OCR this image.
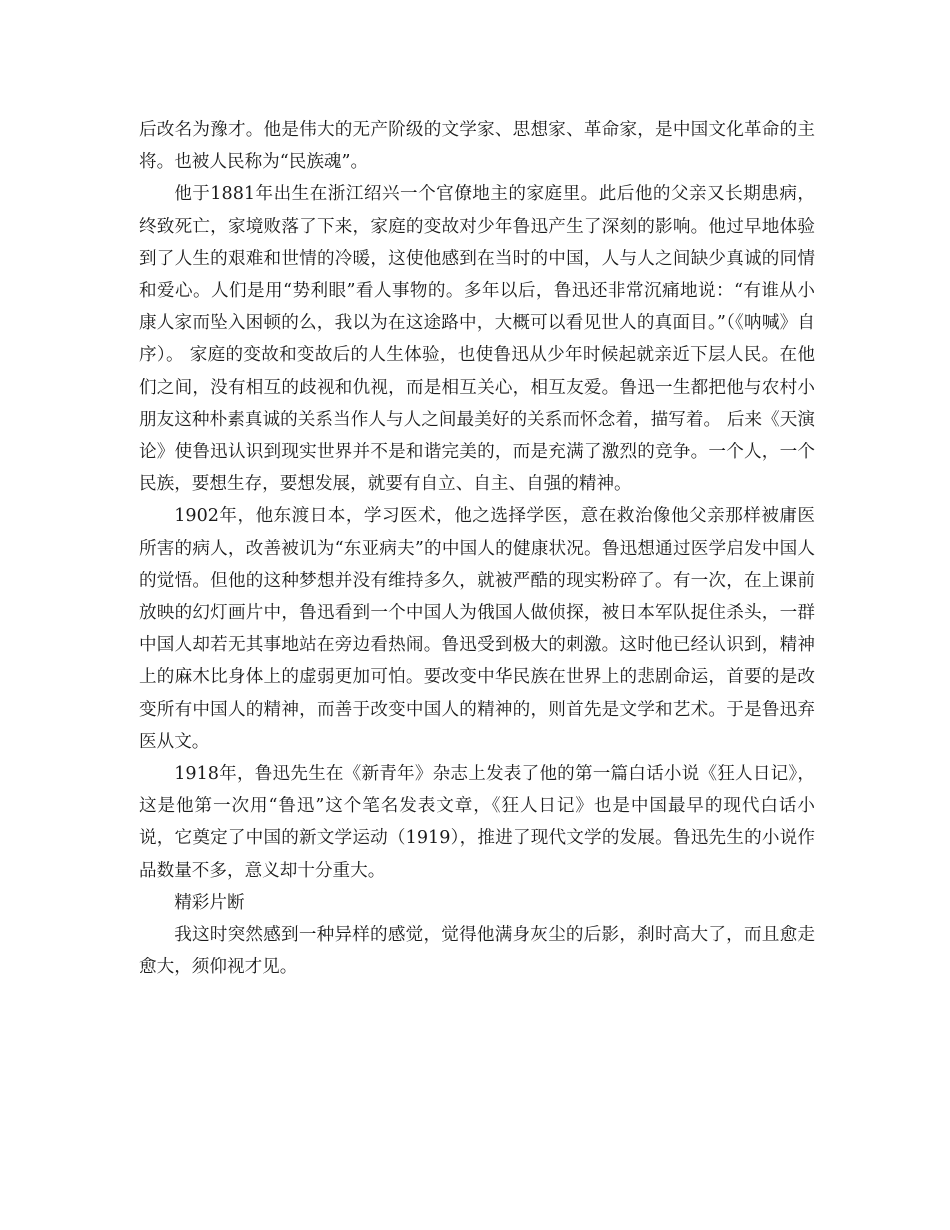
后改名为豫才。他是伟大的无产阶级的文学家、思想家、革命家，是中国文化革命的主将。也被人民称为“民族魂”。

他于1881年出生在浙江绍兴一个官僚地主的家庭里。此后他的父亲又长期患病，终致死亡，家境败落了下来，家庭的变故对少年鲁迅产生了深刻的影响。他过早地体验到了人生的艰难和世情的冷暖，这使他感到在当时的中国，人与人之间缺少真诚的同情和爱心。人们是用“势利眼”看人事物的。多年以后，鲁迅还非常沉痛地说：“有谁从小康人家而坠入困顿的么，我以为在这途路中，大概可以看见世人的真面目。”（《呐喊》自序）。 家庭的变故和变故后的人生体验，也使鲁迅从少年时候起就亲近下层人民。在他们之间，没有相互的歧视和仇视，而是相互关心，相互友爱。鲁迅一生都把他与农村小朋友这种朴素真诚的关系当作人与人之间最美好的关系而怀念着，描写着。 后来《天演论》使鲁迅认识到现实世界并不是和谐完美的，而是充满了激烈的竞争。一个人，一个民族，要想生存，要想发展，就要有自立、自主、自强的精神。

1902年，他东渡日本，学习医术，他之选择学医，意在救治像他父亲那样被庸医所害的病人，改善被讥为“东亚病夫”的中国人的健康状况。鲁迅想通过医学启发中国人的觉悟。但他的这种梦想并没有维持多久，就被严酷的现实粉碎了。有一次，在上课前放映的幻灯画片中，鲁迅看到一个中国人为俄国人做侦探，被日本军队捉住杀头，一群中国人却若无其事地站在旁边看热闹。鲁迅受到极大的刺激。这时他已经认识到，精神上的麻木比身体上的虚弱更加可怕。要改变中华民族在世界上的悲剧命运，首要的是改变所有中国人的精神，而善于改变中国人的精神的，则首先是文学和艺术。于是鲁迅弃医从文。

1918年，鲁迅先生在《新青年》杂志上发表了他的第一篇白话小说《狂人日记》，这是他第一次用“鲁迅”这个笔名发表文章，《狂人日记》也是中国最早的现代白话小说，它奠定了中国的新文学运动（1919），推进了现代文学的发展。鲁迅先生的小说作品数量不多，意义却十分重大。

精彩片断

我这时突然感到一种异样的感觉，觉得他满身灰尘的后影，刹时高大了，而且愈走愈大，须仰视才见。
